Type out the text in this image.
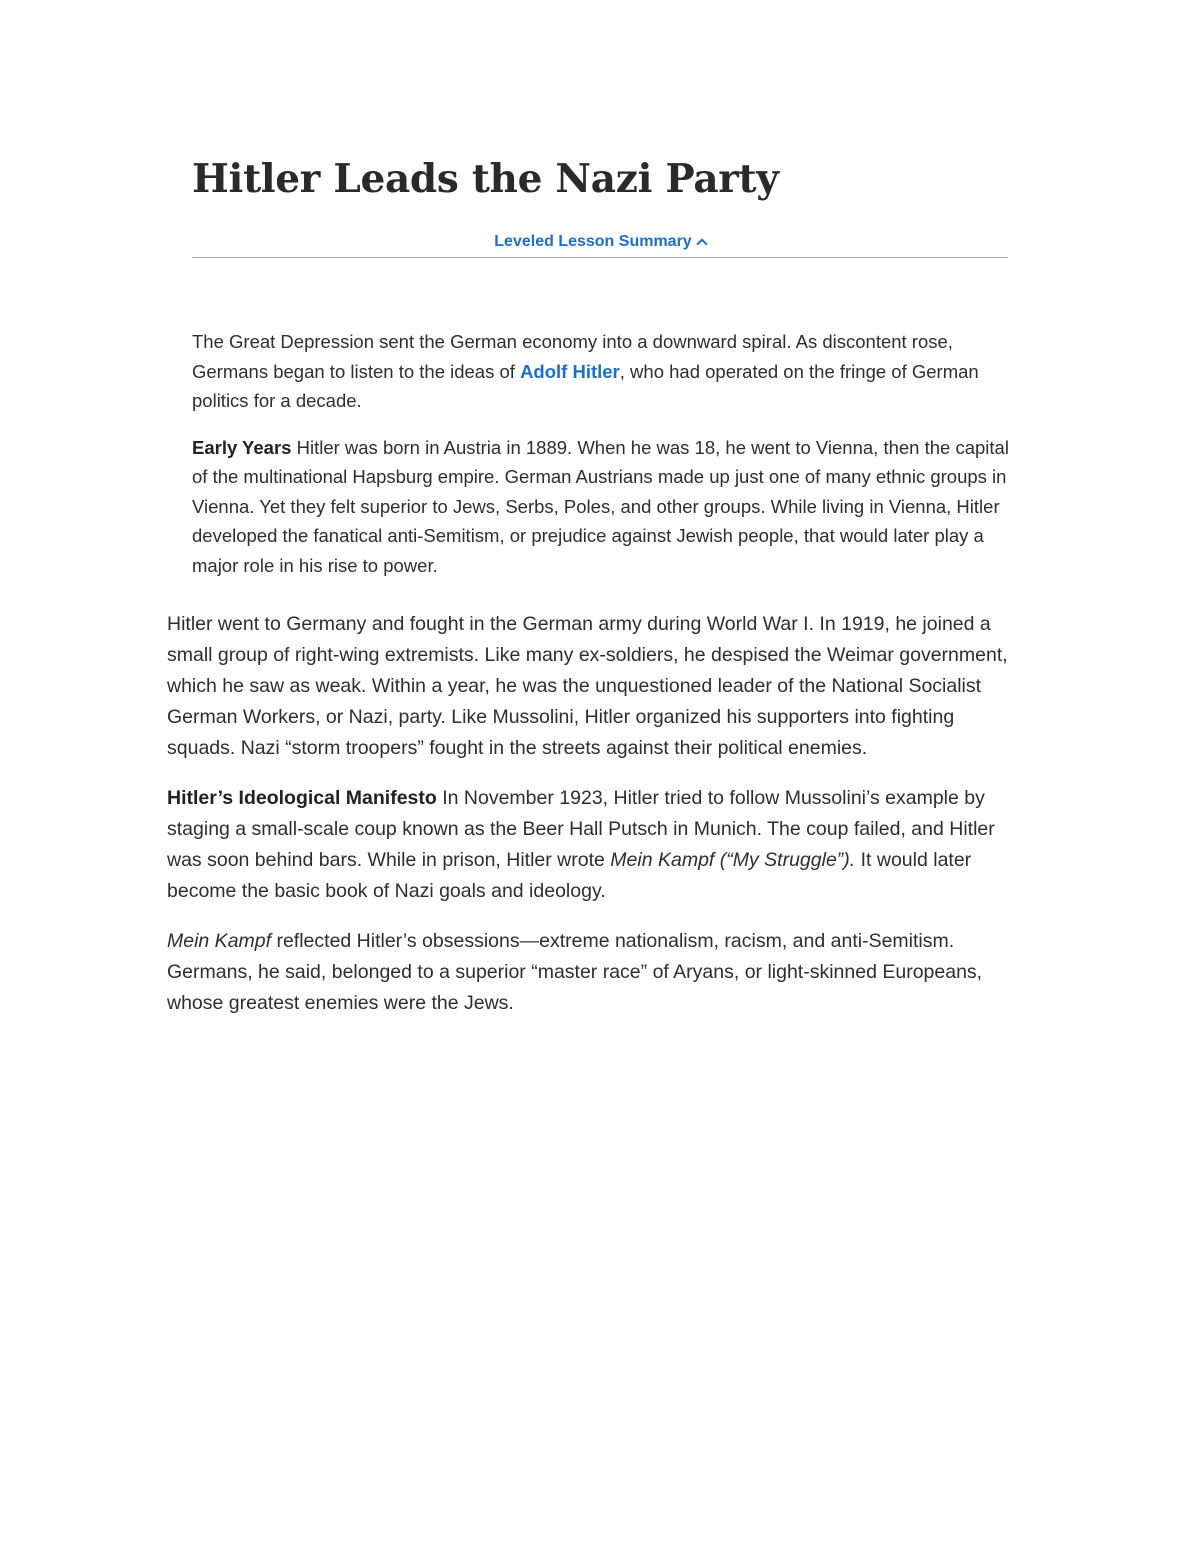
Hitler Leads the Nazi Party
Leveled Lesson Summary

The Great Depression sent the German economy into a downward spiral. As discontent rose, Germans began to listen to the ideas of Adolf Hitler, who had operated on the fringe of German politics for a decade.

Early Years Hitler was born in Austria in 1889. When he was 18, he went to Vienna, then the capital of the multinational Hapsburg empire. German Austrians made up just one of many ethnic groups in Vienna. Yet they felt superior to Jews, Serbs, Poles, and other groups. While living in Vienna, Hitler developed the fanatical anti-Semitism, or prejudice against Jewish people, that would later play a major role in his rise to power.

Hitler went to Germany and fought in the German army during World War I. In 1919, he joined a small group of right-wing extremists. Like many ex-soldiers, he despised the Weimar government, which he saw as weak. Within a year, he was the unquestioned leader of the National Socialist German Workers, or Nazi, party. Like Mussolini, Hitler organized his supporters into fighting squads. Nazi “storm troopers” fought in the streets against their political enemies.

Hitler’s Ideological Manifesto In November 1923, Hitler tried to follow Mussolini’s example by staging a small-scale coup known as the Beer Hall Putsch in Munich. The coup failed, and Hitler was soon behind bars. While in prison, Hitler wrote Mein Kampf (“My Struggle”). It would later become the basic book of Nazi goals and ideology.

Mein Kampf reflected Hitler’s obsessions—extreme nationalism, racism, and anti-Semitism. Germans, he said, belonged to a superior “master race” of Aryans, or light-skinned Europeans, whose greatest enemies were the Jews.
